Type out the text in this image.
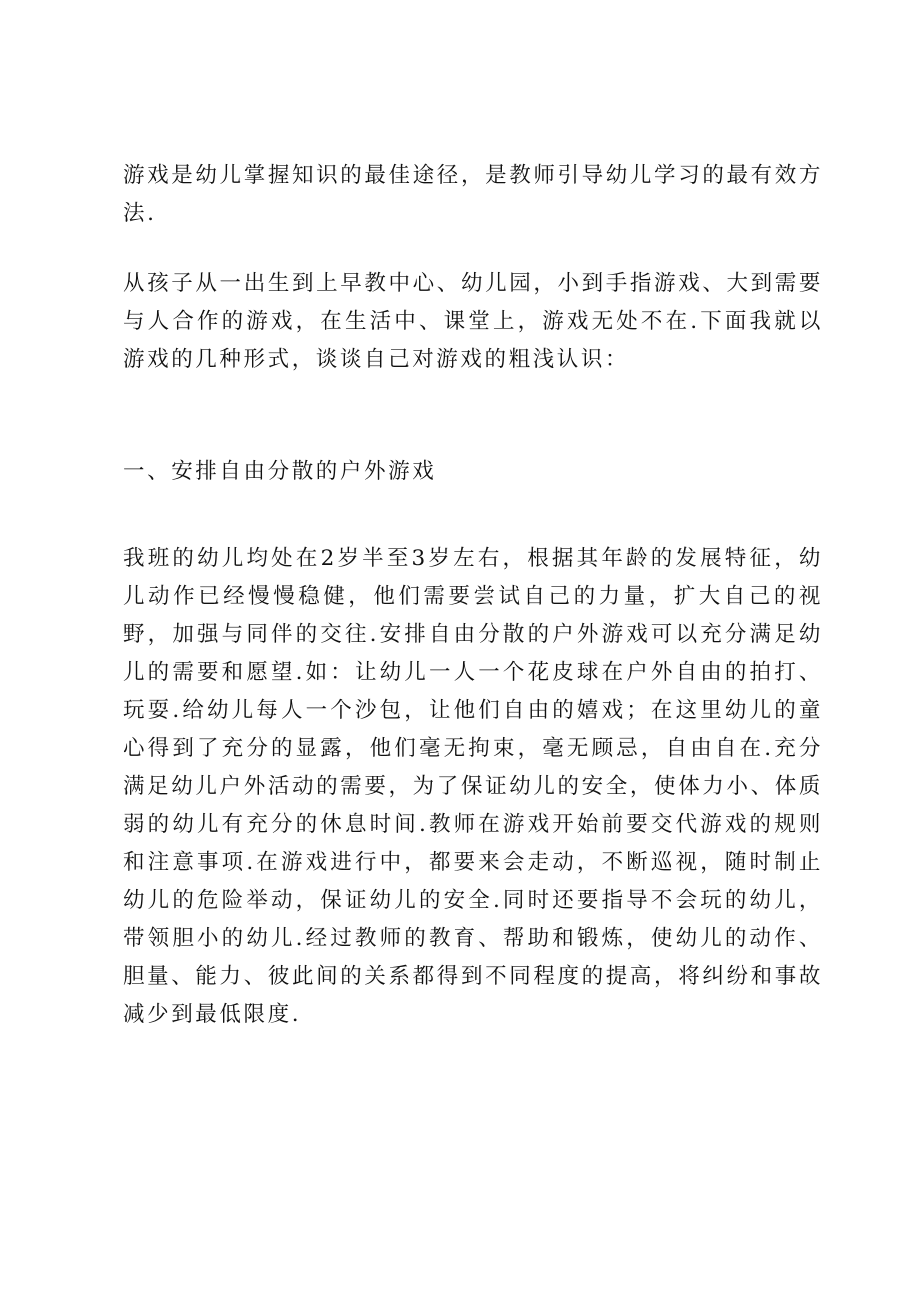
游戏是幼儿掌握知识的最佳途径，是教师引导幼儿学习的最有效方法.

从孩子从一出生到上早教中心、幼儿园，小到手指游戏、大到需要与人合作的游戏，在生活中、课堂上，游戏无处不在.下面我就以游戏的几种形式，谈谈自己对游戏的粗浅认识：

一、安排自由分散的户外游戏

我班的幼儿均处在2岁半至3岁左右，根据其年龄的发展特征，幼儿动作已经慢慢稳健，他们需要尝试自己的力量，扩大自己的视野，加强与同伴的交往.安排自由分散的户外游戏可以充分满足幼儿的需要和愿望.如：让幼儿一人一个花皮球在户外自由的拍打、玩耍.给幼儿每人一个沙包，让他们自由的嬉戏；在这里幼儿的童心得到了充分的显露，他们毫无拘束，毫无顾忌，自由自在.充分满足幼儿户外活动的需要，为了保证幼儿的安全，使体力小、体质弱的幼儿有充分的休息时间.教师在游戏开始前要交代游戏的规则和注意事项.在游戏进行中，都要来会走动，不断巡视，随时制止幼儿的危险举动，保证幼儿的安全.同时还要指导不会玩的幼儿，带领胆小的幼儿.经过教师的教育、帮助和锻炼，使幼儿的动作、胆量、能力、彼此间的关系都得到不同程度的提高，将纠纷和事故减少到最低限度.
